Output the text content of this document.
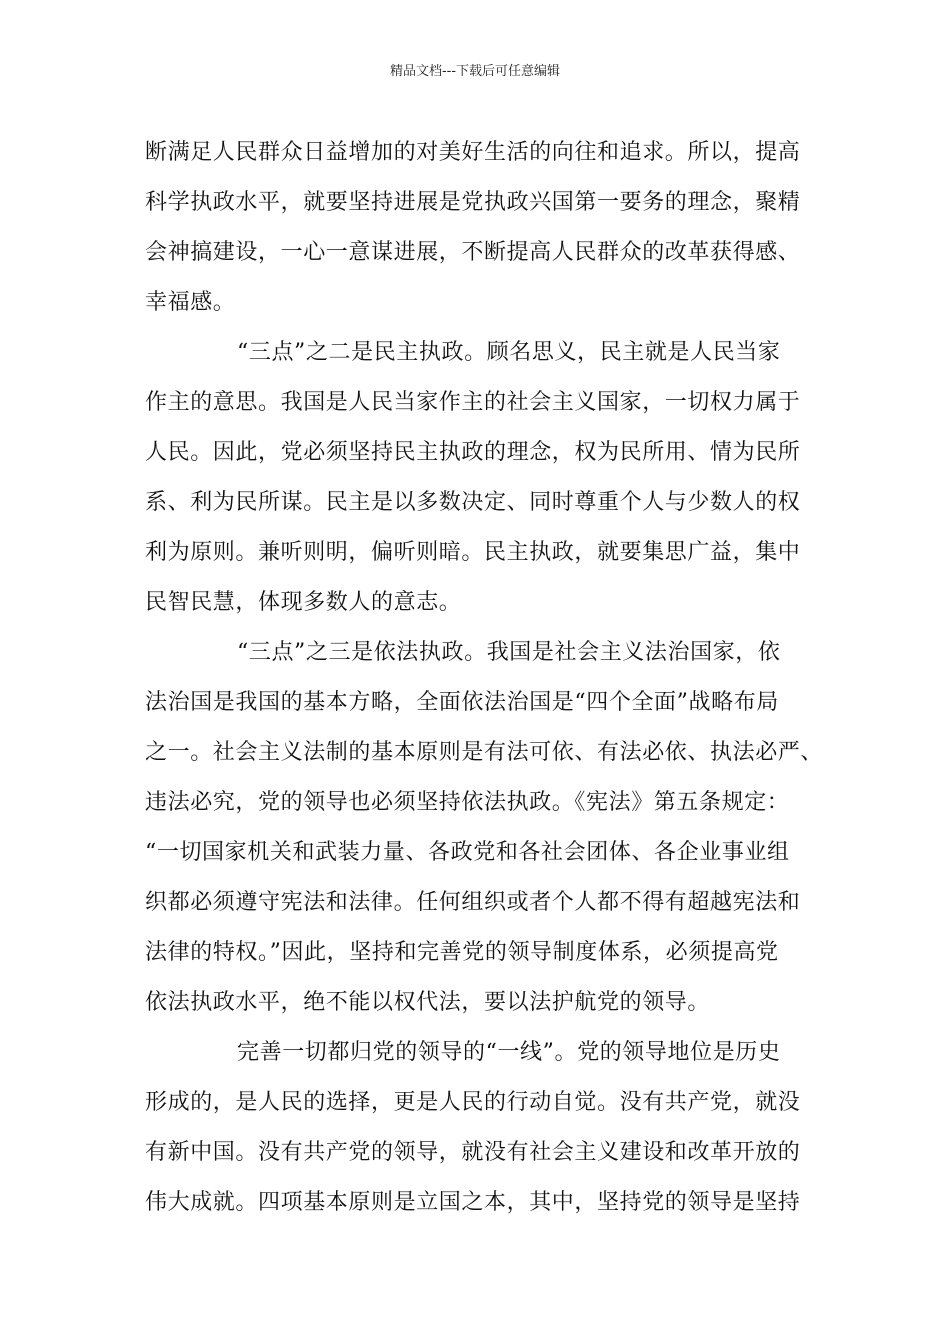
精品文档---下载后可任意编辑
断满足人民群众日益增加的对美好生活的向往和追求。所以，提高
科学执政水平，就要坚持进展是党执政兴国第一要务的理念，聚精
会神搞建设，一心一意谋进展，不断提高人民群众的改革获得感、
幸福感。
“三点”之二是民主执政。顾名思义，民主就是人民当家
作主的意思。我国是人民当家作主的社会主义国家，一切权力属于
人民。因此，党必须坚持民主执政的理念，权为民所用、情为民所
系、利为民所谋。民主是以多数决定、同时尊重个人与少数人的权
利为原则。兼听则明，偏听则暗。民主执政，就要集思广益，集中
民智民慧，体现多数人的意志。
“三点”之三是依法执政。我国是社会主义法治国家，依
法治国是我国的基本方略，全面依法治国是“四个全面”战略布局
之一。社会主义法制的基本原则是有法可依、有法必依、执法必严、
违法必究，党的领导也必须坚持依法执政。《宪法》第五条规定：
“一切国家机关和武装力量、各政党和各社会团体、各企业事业组
织都必须遵守宪法和法律。任何组织或者个人都不得有超越宪法和
法律的特权。”因此，坚持和完善党的领导制度体系，必须提高党
依法执政水平，绝不能以权代法，要以法护航党的领导。
完善一切都归党的领导的“一线”。党的领导地位是历史
形成的，是人民的选择，更是人民的行动自觉。没有共产党，就没
有新中国。没有共产党的领导，就没有社会主义建设和改革开放的
伟大成就。四项基本原则是立国之本，其中，坚持党的领导是坚持
